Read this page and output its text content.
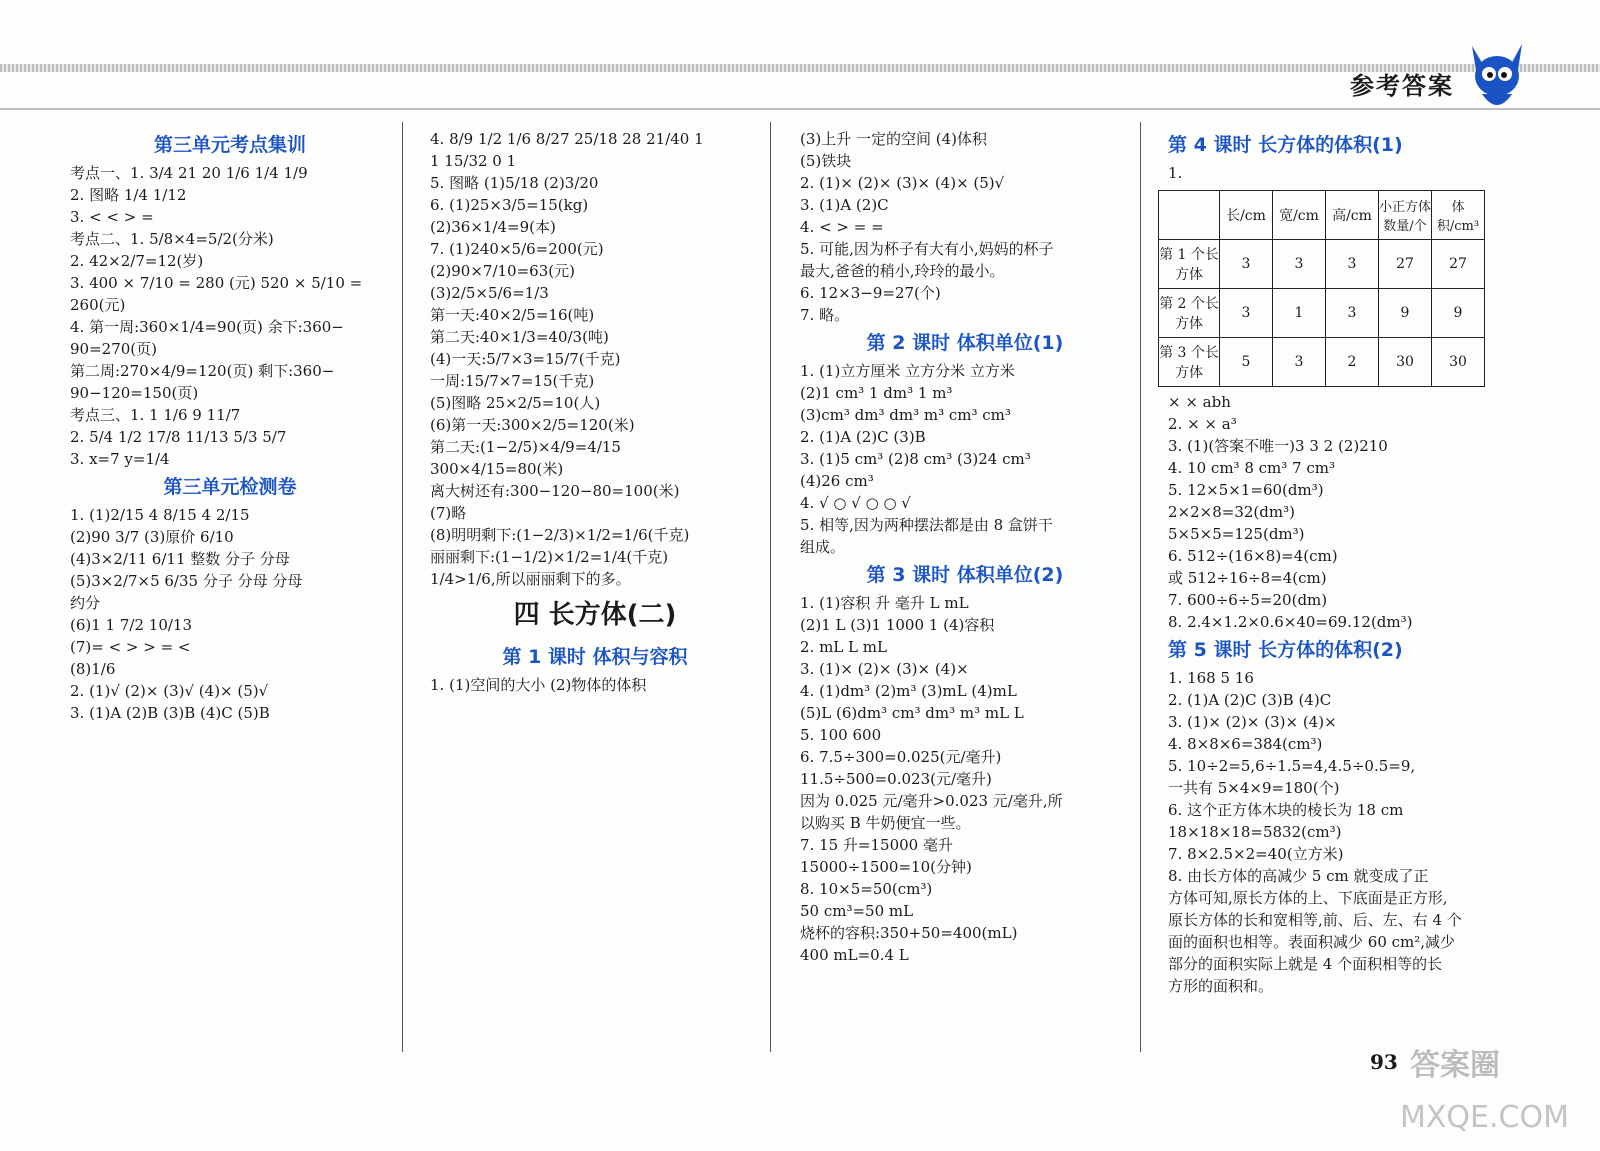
参考答案
第三单元考点集训
考点一、1. 3/4 21 20 1/6 1/4 1/9
2. 图略 1/4 1/12
3. < < > =
考点二、1. 5/8×4=5/2(分米)
2. 42×2/7=12(岁)
3. 400 × 7/10 = 280 (元) 520 × 5/10 =
260(元)
4. 第一周:360×1/4=90(页) 余下:360−
90=270(页)
第二周:270×4/9=120(页) 剩下:360−
90−120=150(页)
考点三、1. 1 1/6 9 11/7
2. 5/4 1/2 17/8 11/13 5/3 5/7
3. x=7 y=1/4
第三单元检测卷
1. (1)2/15 4 8/15 4 2/15
(2)90 3/7 (3)原价 6/10
(4)3×2/11 6/11 整数 分子 分母
(5)3×2/7×5 6/35 分子 分母 分母
约分
(6)1 1 7/2 10/13
(7)= < > > = <
(8)1/6
2. (1)√ (2)× (3)√ (4)× (5)√
3. (1)A (2)B (3)B (4)C (5)B
4. 8/9 1/2 1/6 8/27 25/18 28 21/40 1
1 15/32 0 1
5. 图略 (1)5/18 (2)3/20
6. (1)25×3/5=15(kg)
(2)36×1/4=9(本)
7. (1)240×5/6=200(元)
(2)90×7/10=63(元)
(3)2/5×5/6=1/3
第一天:40×2/5=16(吨)
第二天:40×1/3=40/3(吨)
(4)一天:5/7×3=15/7(千克)
一周:15/7×7=15(千克)
(5)图略 25×2/5=10(人)
(6)第一天:300×2/5=120(米)
第二天:(1−2/5)×4/9=4/15
300×4/15=80(米)
离大树还有:300−120−80=100(米)
(7)略
(8)明明剩下:(1−2/3)×1/2=1/6(千克)
丽丽剩下:(1−1/2)×1/2=1/4(千克)
1/4>1/6,所以丽丽剩下的多。
四 长方体(二)
第 1 课时 体积与容积
1. (1)空间的大小 (2)物体的体积
(3)上升 一定的空间 (4)体积
(5)铁块
2. (1)× (2)× (3)× (4)× (5)√
3. (1)A (2)C
4. < > = =
5. 可能,因为杯子有大有小,妈妈的杯子
最大,爸爸的稍小,玲玲的最小。
6. 12×3−9=27(个)
7. 略。
第 2 课时 体积单位(1)
1. (1)立方厘米 立方分米 立方米
(2)1 cm³ 1 dm³ 1 m³
(3)cm³ dm³ dm³ m³ cm³ cm³
2. (1)A (2)C (3)B
3. (1)5 cm³ (2)8 cm³ (3)24 cm³
(4)26 cm³
4. √ ○ √ ○ ○ √
5. 相等,因为两种摆法都是由 8 盒饼干
组成。
第 3 课时 体积单位(2)
1. (1)容积 升 毫升 L mL
(2)1 L (3)1 1000 1 (4)容积
2. mL L mL
3. (1)× (2)× (3)× (4)×
4. (1)dm³ (2)m³ (3)mL (4)mL
(5)L (6)dm³ cm³ dm³ m³ mL L
5. 100 600
6. 7.5÷300=0.025(元/毫升)
11.5÷500=0.023(元/毫升)
因为 0.025 元/毫升>0.023 元/毫升,所
以购买 B 牛奶便宜一些。
7. 15 升=15000 毫升
15000÷1500=10(分钟)
8. 10×5=50(cm³)
50 cm³=50 mL
烧杯的容积:350+50=400(mL)
400 mL=0.4 L
第 4 课时 长方体的体积(1)
1.
	长/cm	宽/cm	高/cm	小正方体数量/个	体积/cm³
第 1 个长方体	3	3	3	27	27
第 2 个长方体	3	1	3	9	9
第 3 个长方体	5	3	2	30	30
× × abh
2. × × a³
3. (1)(答案不唯一)3 3 2 (2)210
4. 10 cm³ 8 cm³ 7 cm³
5. 12×5×1=60(dm³)
2×2×8=32(dm³)
5×5×5=125(dm³)
6. 512÷(16×8)=4(cm)
或 512÷16÷8=4(cm)
7. 600÷6÷5=20(dm)
8. 2.4×1.2×0.6×40=69.12(dm³)
第 5 课时 长方体的体积(2)
1. 168 5 16
2. (1)A (2)C (3)B (4)C
3. (1)× (2)× (3)× (4)×
4. 8×8×6=384(cm³)
5. 10÷2=5,6÷1.5=4,4.5÷0.5=9,
一共有 5×4×9=180(个)
6. 这个正方体木块的棱长为 18 cm
18×18×18=5832(cm³)
7. 8×2.5×2=40(立方米)
8. 由长方体的高减少 5 cm 就变成了正
方体可知,原长方体的上、下底面是正方形,
原长方体的长和宽相等,前、后、左、右 4 个
面的面积也相等。表面积减少 60 cm²,减少
部分的面积实际上就是 4 个面积相等的长
方形的面积和。
93 答案圈
MXQE.COM
